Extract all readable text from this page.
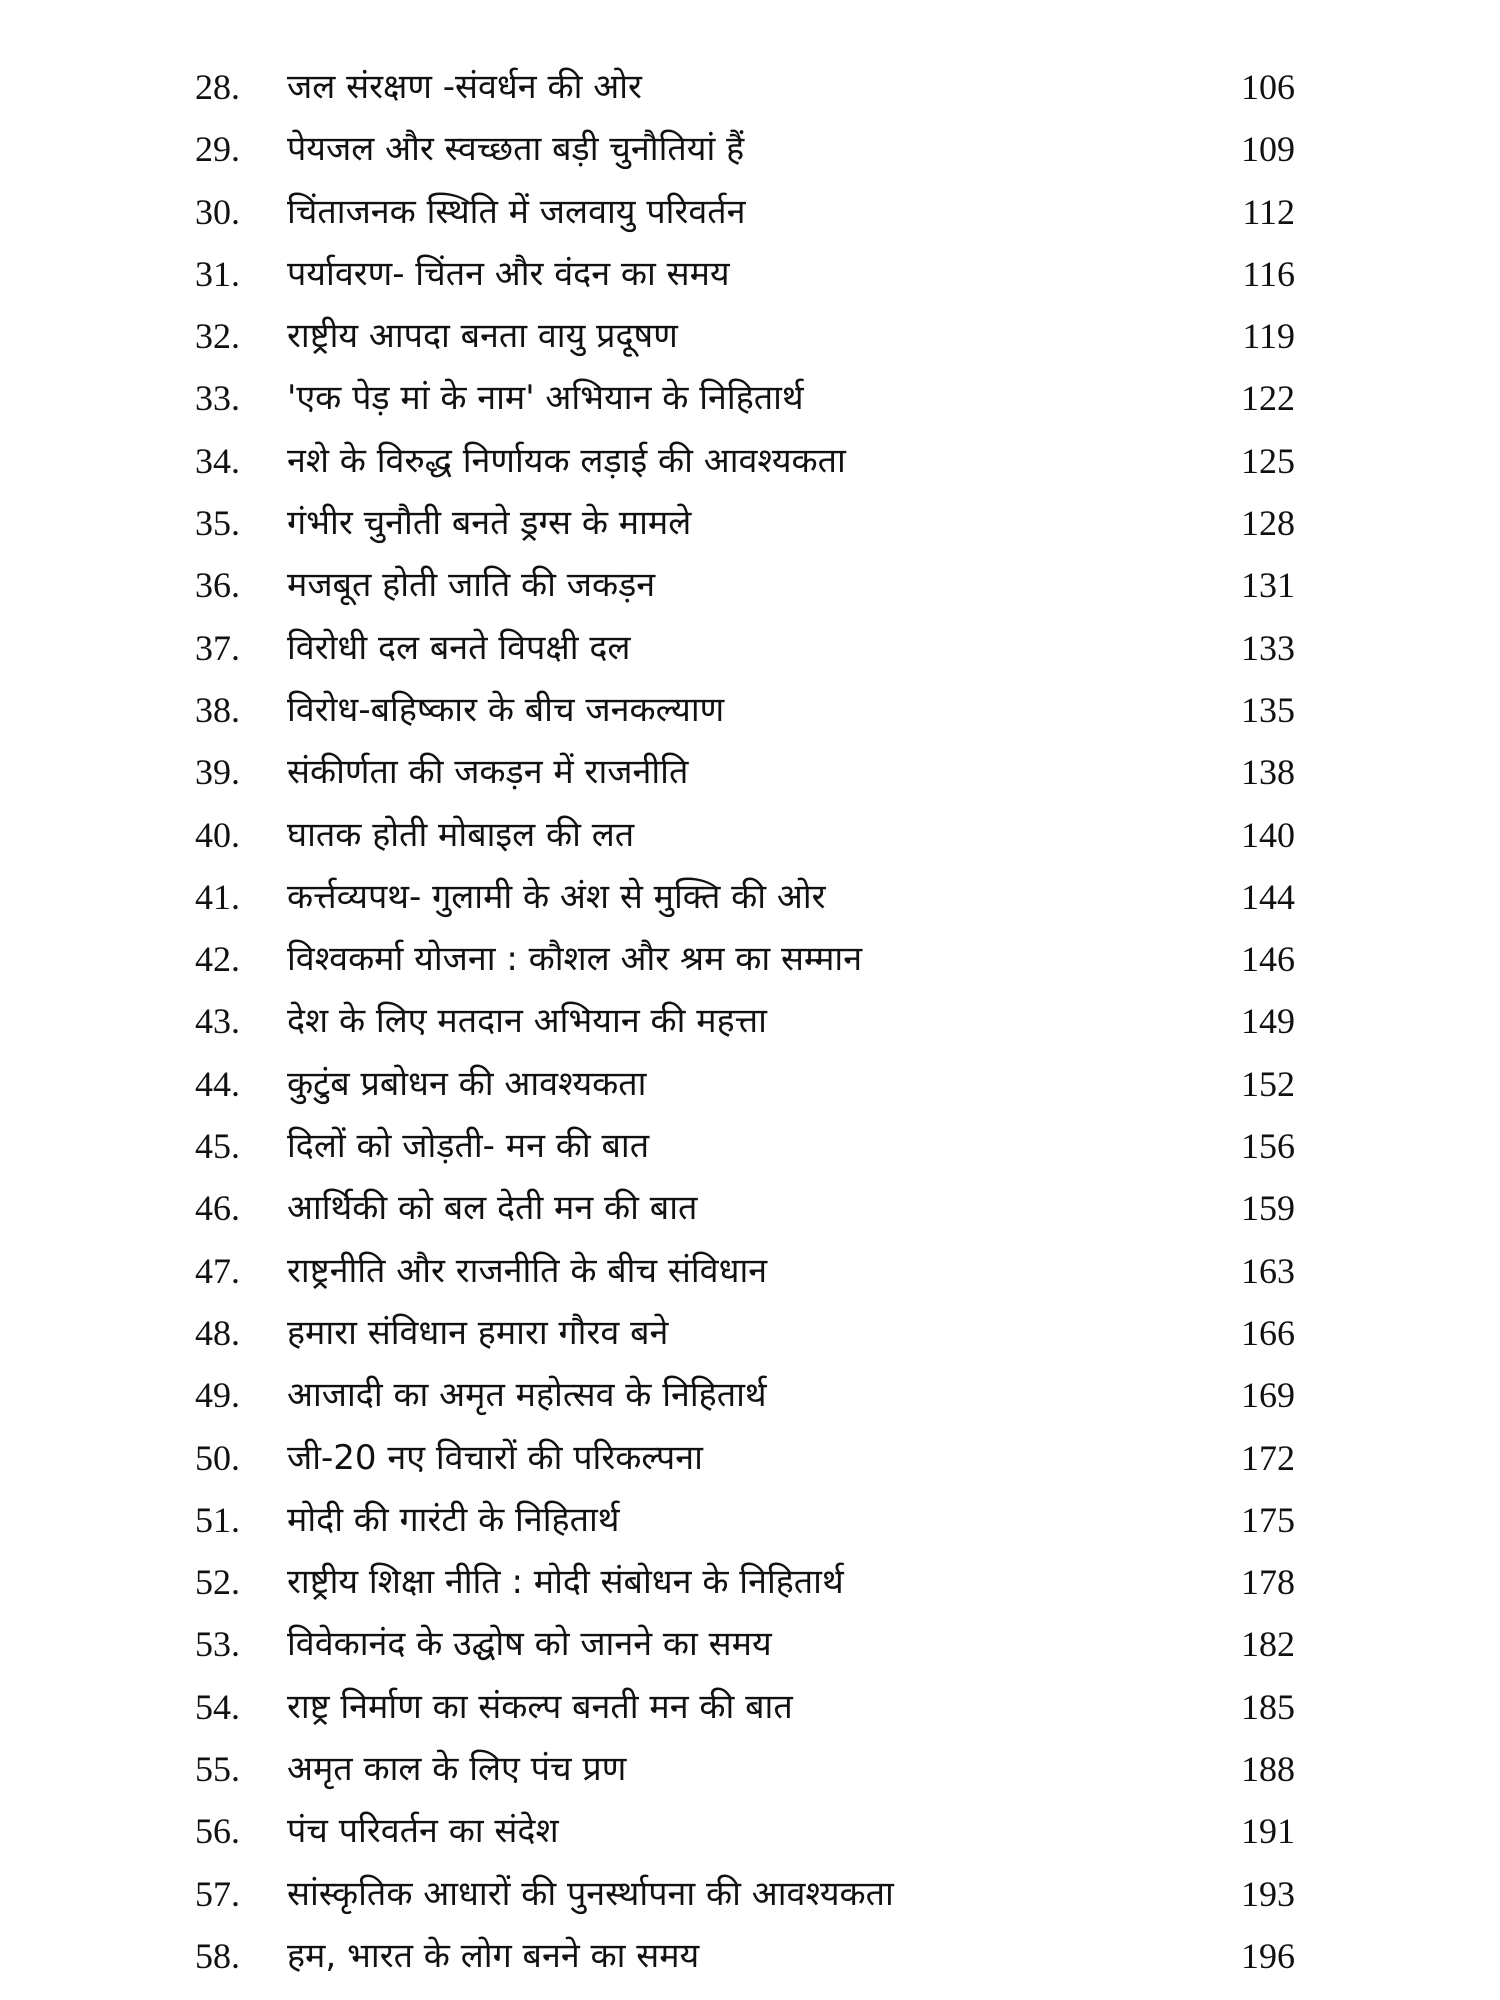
28.	जल संरक्षण -संवर्धन की ओर	106
29.	पेयजल और स्वच्छता बड़ी चुनौतियां हैं	109
30.	चिंताजनक स्थिति में जलवायु परिवर्तन	112
31.	पर्यावरण- चिंतन और वंदन का समय	116
32.	राष्ट्रीय आपदा बनता वायु प्रदूषण	119
33.	'एक पेड़ मां के नाम' अभियान के निहितार्थ	122
34.	नशे के विरुद्ध निर्णायक लड़ाई की आवश्यकता	125
35.	गंभीर चुनौती बनते ड्रग्स के मामले	128
36.	मजबूत होती जाति की जकड़न	131
37.	विरोधी दल बनते विपक्षी दल	133
38.	विरोध-बहिष्कार के बीच जनकल्याण	135
39.	संकीर्णता की जकड़न में राजनीति	138
40.	घातक होती मोबाइल की लत	140
41.	कर्त्तव्यपथ- गुलामी के अंश से मुक्ति की ओर	144
42.	विश्वकर्मा योजना : कौशल और श्रम का सम्मान	146
43.	देश के लिए मतदान अभियान की महत्ता	149
44.	कुटुंब प्रबोधन की आवश्यकता	152
45.	दिलों को जोड़ती- मन की बात	156
46.	आर्थिकी को बल देती मन की बात	159
47.	राष्ट्रनीति और राजनीति के बीच संविधान	163
48.	हमारा संविधान हमारा गौरव बने	166
49.	आजादी का अमृत महोत्सव के निहितार्थ	169
50.	जी-20 नए विचारों की परिकल्पना	172
51.	मोदी की गारंटी के निहितार्थ	175
52.	राष्ट्रीय शिक्षा नीति : मोदी संबोधन के निहितार्थ	178
53.	विवेकानंद के उद्घोष को जानने का समय	182
54.	राष्ट्र निर्माण का संकल्प बनती मन की बात	185
55.	अमृत काल के लिए पंच प्रण	188
56.	पंच परिवर्तन का संदेश	191
57.	सांस्कृतिक आधारों की पुनर्स्थापना की आवश्यकता	193
58.	हम, भारत के लोग बनने का समय	196
